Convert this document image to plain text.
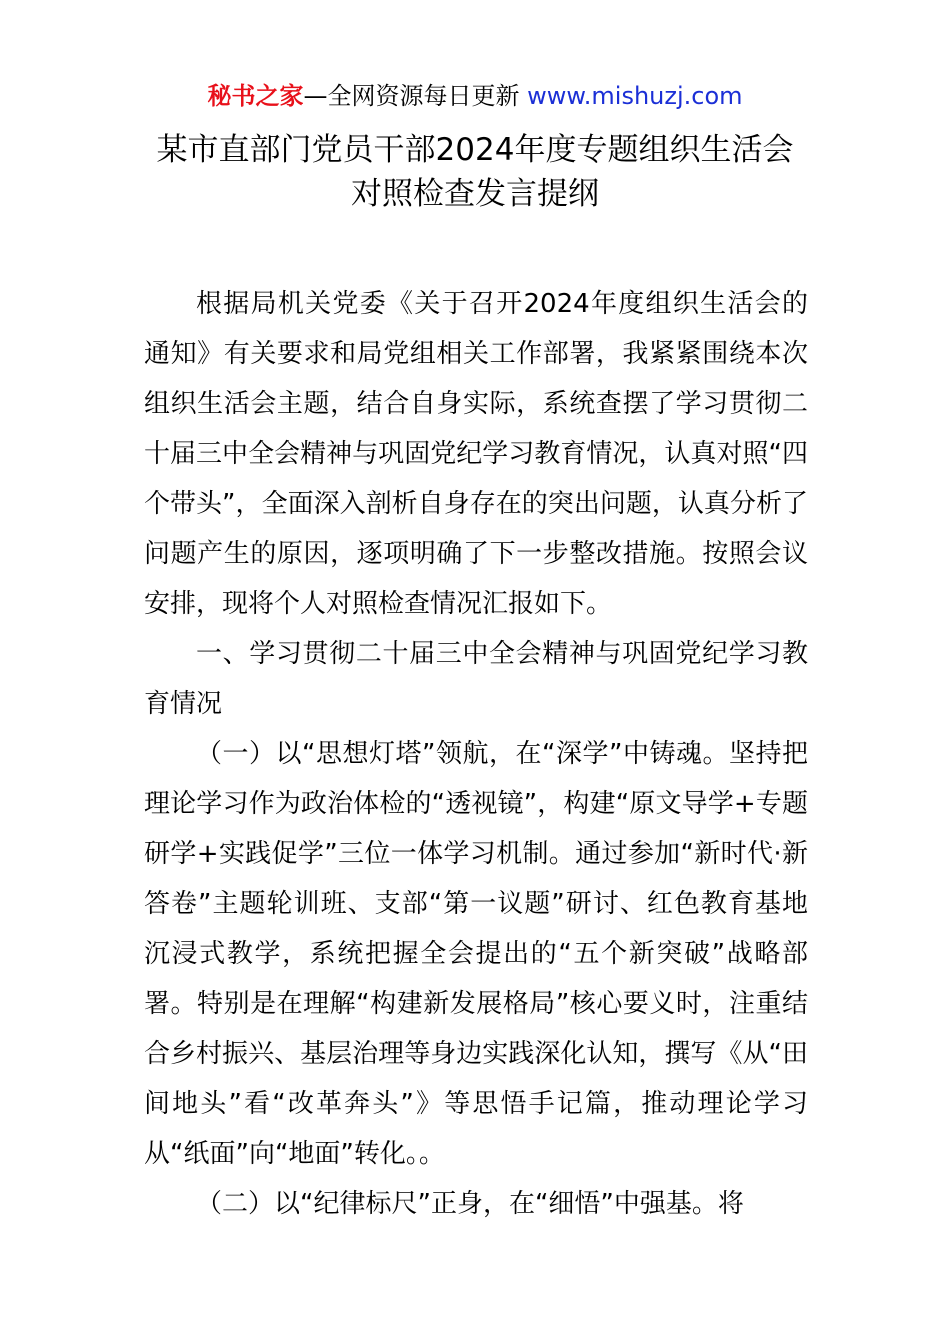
秘书之家—全网资源每日更新 www.mishuzj.com
某市直部门党员干部2024年度专题组织生活会
对照检查发言提纲

根据局机关党委《关于召开2024年度组织生活会的通知》有关要求和局党组相关工作部署，我紧紧围绕本次组织生活会主题，结合自身实际，系统查摆了学习贯彻二十届三中全会精神与巩固党纪学习教育情况，认真对照“四个带头”，全面深入剖析自身存在的突出问题，认真分析了问题产生的原因，逐项明确了下一步整改措施。按照会议安排，现将个人对照检查情况汇报如下。

一、学习贯彻二十届三中全会精神与巩固党纪学习教育情况

（一）以“思想灯塔”领航，在“深学”中铸魂。坚持把理论学习作为政治体检的“透视镜”，构建“原文导学+专题研学+实践促学”三位一体学习机制。通过参加“新时代·新答卷”主题轮训班、支部“第一议题”研讨、红色教育基地沉浸式教学，系统把握全会提出的“五个新突破”战略部署。特别是在理解“构建新发展格局”核心要义时，注重结合乡村振兴、基层治理等身边实践深化认知，撰写《从“田间地头”看“改革奔头”》等思悟手记篇，推动理论学习从“纸面”向“地面”转化。。

（二）以“纪律标尺”正身，在“细悟”中强基。将
